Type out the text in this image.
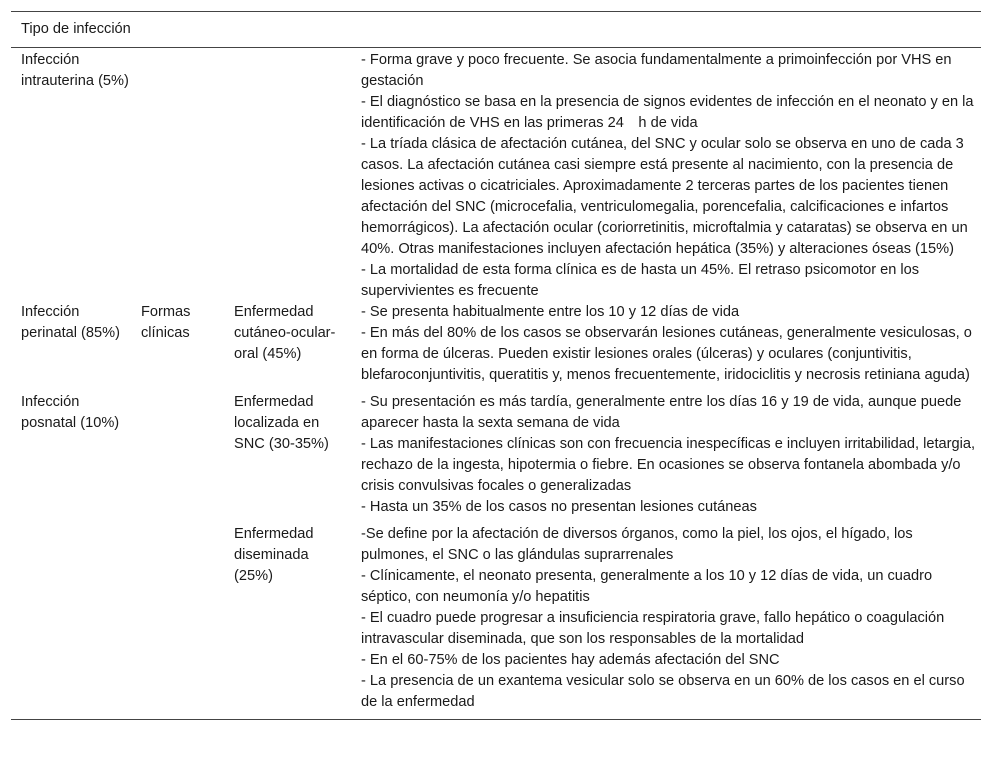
Tipo de infección			
Infección intrauterina (5%)			- Forma grave y poco frecuente. Se asocia fundamentalmente a primoinfección por VHS en gestación
- El diagnóstico se basa en la presencia de signos evidentes de infección en el neonato y en la identificación de VHS en las primeras 24 h de vida
- La tríada clásica de afectación cutánea, del SNC y ocular solo se observa en uno de cada 3 casos. La afectación cutánea casi siempre está presente al nacimiento, con la presencia de lesiones activas o cicatriciales. Aproximadamente 2 terceras partes de los pacientes tienen afectación del SNC (microcefalia, ventriculomegalia, porencefalia, calcificaciones e infartos hemorrágicos). La afectación ocular (coriorretinitis, microftalmia y cataratas) se observa en un 40%. Otras manifestaciones incluyen afectación hepática (35%) y alteraciones óseas (15%)
- La mortalidad de esta forma clínica es de hasta un 45%. El retraso psicomotor en los supervivientes es frecuente

Infección perinatal (85%)	Formas clínicas	Enfermedad cutáneo-ocular-oral (45%)	- Se presenta habitualmente entre los 10 y 12 días de vida
- En más del 80% de los casos se observarán lesiones cutáneas, generalmente vesiculosas, o en forma de úlceras. Pueden existir lesiones orales (úlceras) y oculares (conjuntivitis, blefaroconjuntivitis, queratitis y, menos frecuentemente, iridociclitis y necrosis retiniana aguda)

Infección posnatal (10%)		Enfermedad localizada en SNC (30-35%)	- Su presentación es más tardía, generalmente entre los días 16 y 19 de vida, aunque puede aparecer hasta la sexta semana de vida
- Las manifestaciones clínicas son con frecuencia inespecíficas e incluyen irritabilidad, letargia, rechazo de la ingesta, hipotermia o fiebre. En ocasiones se observa fontanela abombada y/o crisis convulsivas focales o generalizadas
- Hasta un 35% de los casos no presentan lesiones cutáneas

		Enfermedad diseminada (25%)	-Se define por la afectación de diversos órganos, como la piel, los ojos, el hígado, los pulmones, el SNC o las glándulas suprarrenales
- Clínicamente, el neonato presenta, generalmente a los 10 y 12 días de vida, un cuadro séptico, con neumonía y/o hepatitis
- El cuadro puede progresar a insuficiencia respiratoria grave, fallo hepático o coagulación intravascular diseminada, que son los responsables de la mortalidad
- En el 60-75% de los pacientes hay además afectación del SNC
- La presencia de un exantema vesicular solo se observa en un 60% de los casos en el curso de la enfermedad
